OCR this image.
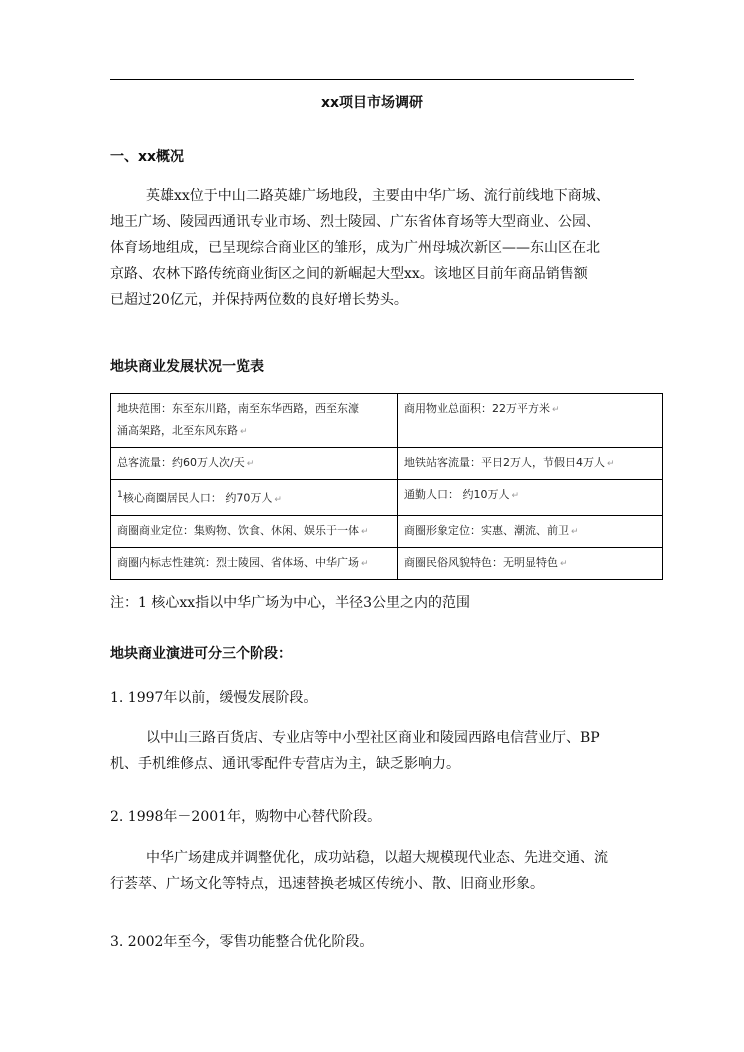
xx项目市场调研
一、xx概况
英雄xx位于中山二路英雄广场地段，主要由中华广场、流行前线地下商城、
地王广场、陵园西通讯专业市场、烈士陵园、广东省体育场等大型商业、公园、
体育场地组成，已呈现综合商业区的雏形，成为广州母城次新区——东山区在北
京路、农林下路传统商业街区之间的新崛起大型xx。该地区目前年商品销售额
已超过20亿元，并保持两位数的良好增长势头。
地块商业发展状况一览表
地块范围：东至东川路，南至东华西路，西至东濠
涌高架路，北至东风东路 ↵	商用物业总面积：22万平方米 ↵
总客流量：约60万人次/天 ↵	地铁站客流量：平日2万人，节假日4万人 ↵
$^1$核心商圈居民人口： 约70万人 ↵	通勤人口： 约10万人 ↵
商圈商业定位：集购物、饮食、休闲、娱乐于一体 ↵	商圈形象定位：实惠、潮流、前卫 ↵
商圈内标志性建筑：烈士陵园、省体场、中华广场 ↵	商圈民俗风貌特色：无明显特色 ↵
注：1 核心xx指以中华广场为中心，半径3公里之内的范围
地块商业演进可分三个阶段：
1. 1997年以前，缓慢发展阶段。
以中山三路百货店、专业店等中小型社区商业和陵园西路电信营业厅、BP
机、手机维修点、通讯零配件专营店为主，缺乏影响力。
2. 1998年－2001年，购物中心替代阶段。
中华广场建成并调整优化，成功站稳，以超大规模现代业态、先进交通、流
行荟萃、广场文化等特点，迅速替换老城区传统小、散、旧商业形象。
3. 2002年至今，零售功能整合优化阶段。
